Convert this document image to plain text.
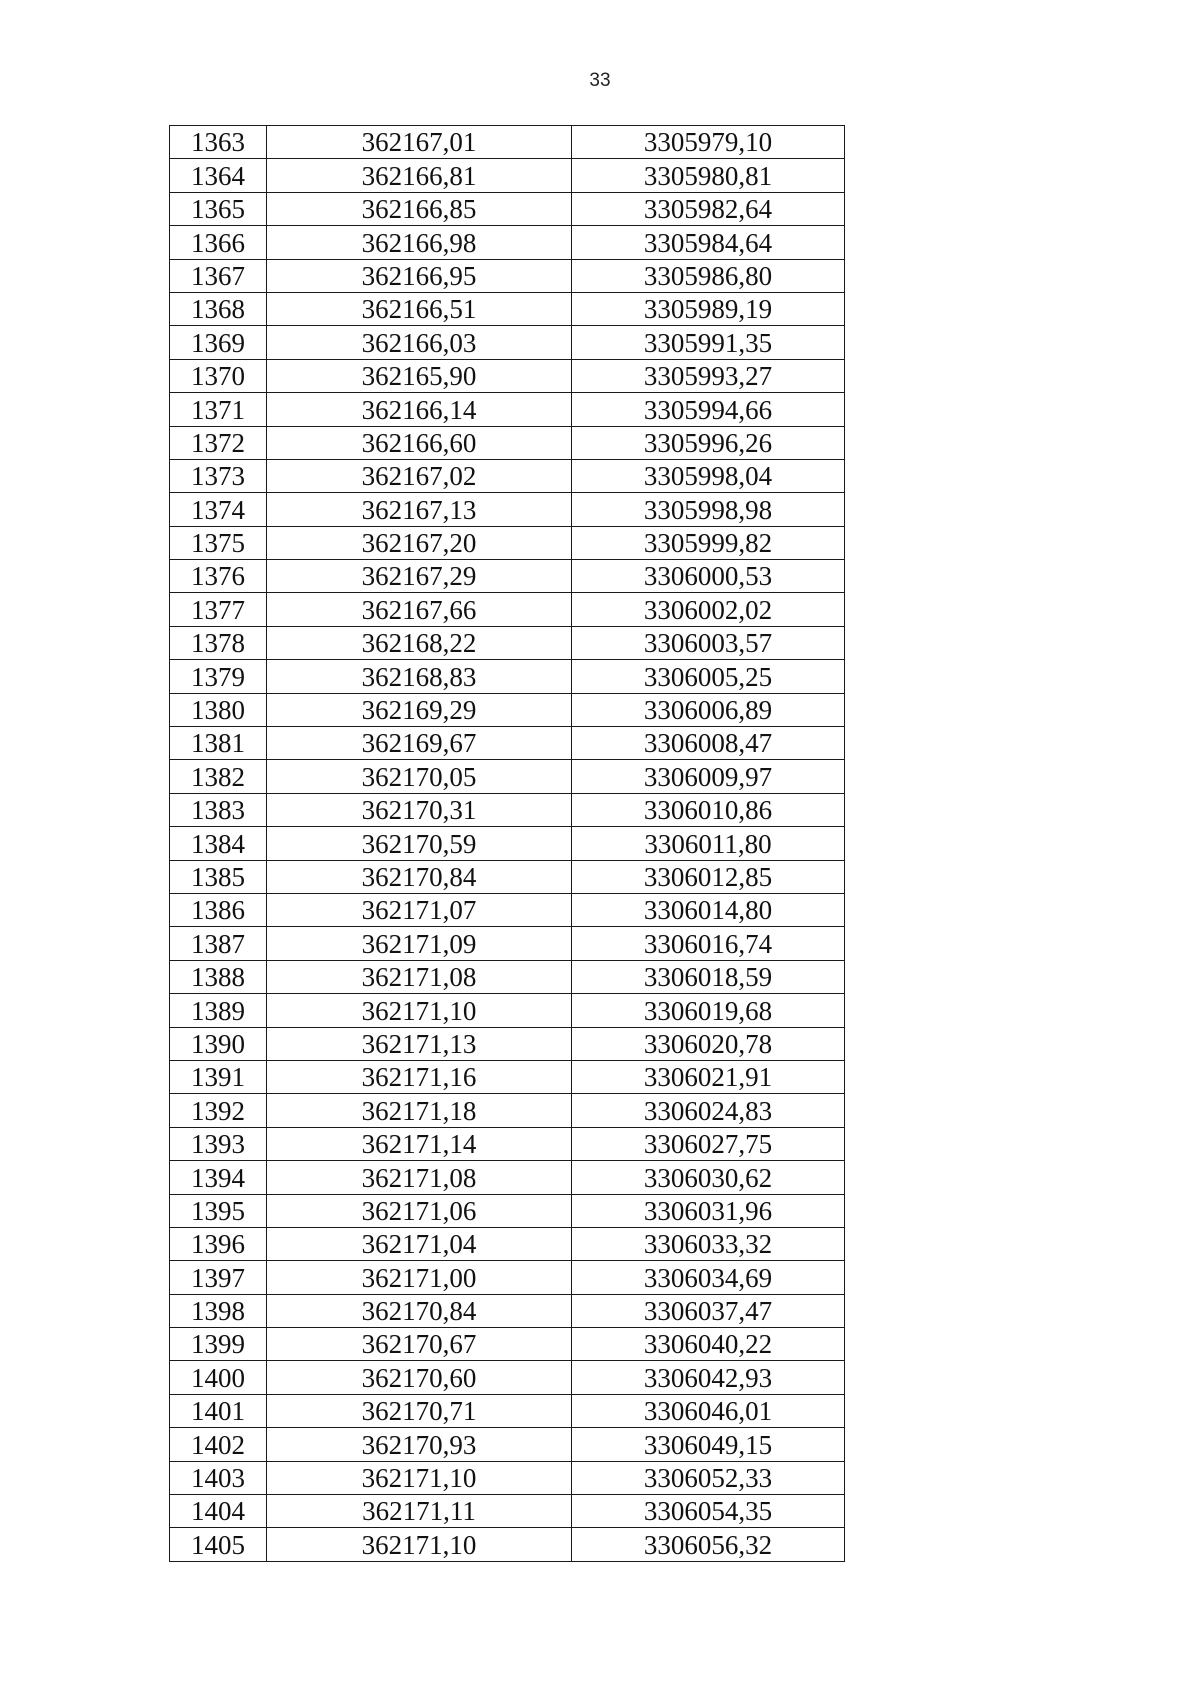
33
1363	362167,01	3305979,10
1364	362166,81	3305980,81
1365	362166,85	3305982,64
1366	362166,98	3305984,64
1367	362166,95	3305986,80
1368	362166,51	3305989,19
1369	362166,03	3305991,35
1370	362165,90	3305993,27
1371	362166,14	3305994,66
1372	362166,60	3305996,26
1373	362167,02	3305998,04
1374	362167,13	3305998,98
1375	362167,20	3305999,82
1376	362167,29	3306000,53
1377	362167,66	3306002,02
1378	362168,22	3306003,57
1379	362168,83	3306005,25
1380	362169,29	3306006,89
1381	362169,67	3306008,47
1382	362170,05	3306009,97
1383	362170,31	3306010,86
1384	362170,59	3306011,80
1385	362170,84	3306012,85
1386	362171,07	3306014,80
1387	362171,09	3306016,74
1388	362171,08	3306018,59
1389	362171,10	3306019,68
1390	362171,13	3306020,78
1391	362171,16	3306021,91
1392	362171,18	3306024,83
1393	362171,14	3306027,75
1394	362171,08	3306030,62
1395	362171,06	3306031,96
1396	362171,04	3306033,32
1397	362171,00	3306034,69
1398	362170,84	3306037,47
1399	362170,67	3306040,22
1400	362170,60	3306042,93
1401	362170,71	3306046,01
1402	362170,93	3306049,15
1403	362171,10	3306052,33
1404	362171,11	3306054,35
1405	362171,10	3306056,32
